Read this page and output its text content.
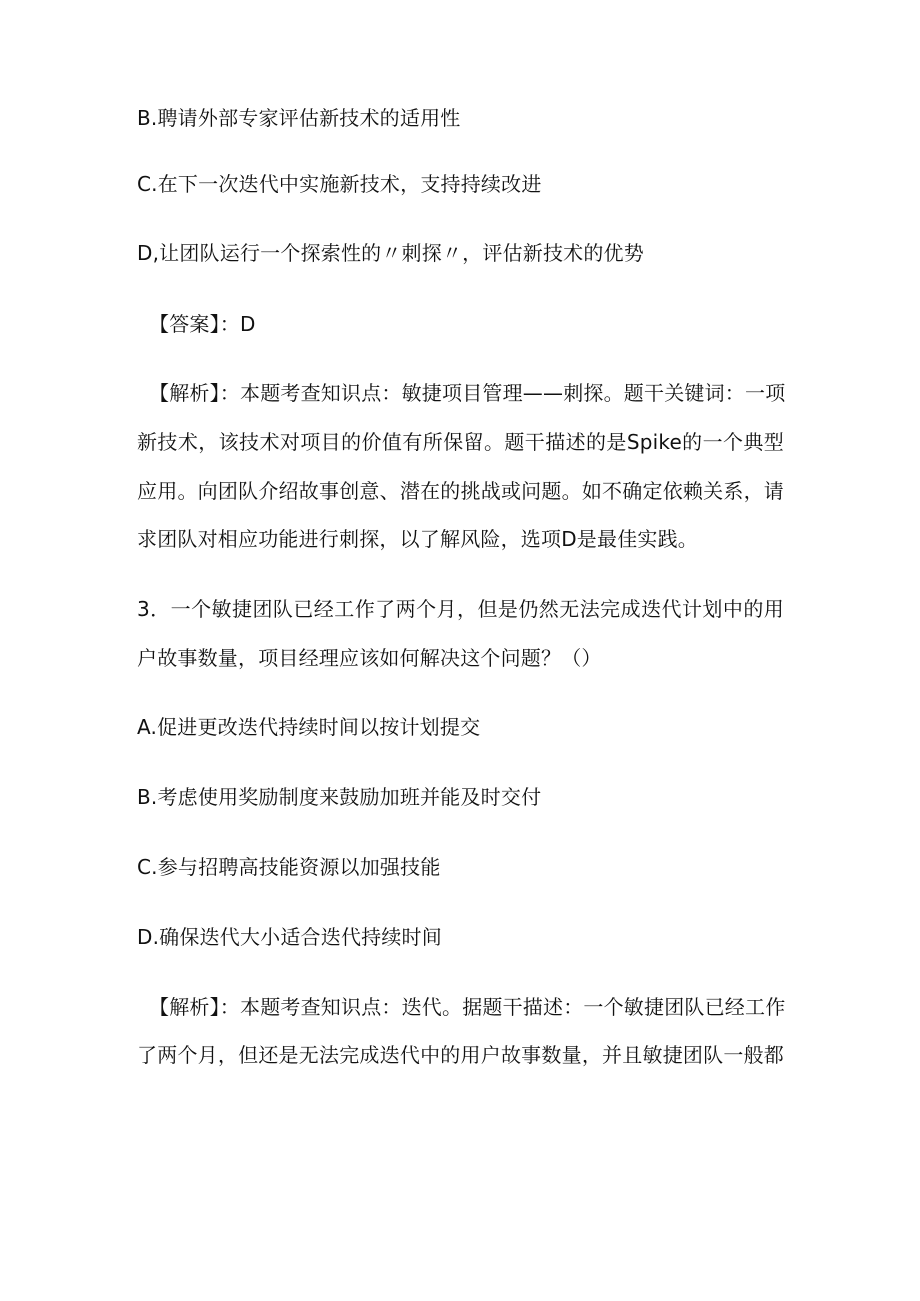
B.聘请外部专家评估新技术的适用性
C.在下一次迭代中实施新技术，支持持续改进
D,让团队运行一个探索性的〃刺探〃，评估新技术的优势
【答案】：D
【解析】：本题考查知识点：敏捷项目管理——刺探。题干关键词：一项
新技术，该技术对项目的价值有所保留。题干描述的是Spike的一个典型
应用。向团队介绍故事创意、潜在的挑战或问题。如不确定依赖关系，请
求团队对相应功能进行刺探，以了解风险，选项D是最佳实践。
3．一个敏捷团队已经工作了两个月，但是仍然无法完成迭代计划中的用
户故事数量，项目经理应该如何解决这个问题？（）
A.促进更改迭代持续时间以按计划提交
B.考虑使用奖励制度来鼓励加班并能及时交付
C.参与招聘高技能资源以加强技能
D.确保迭代大小适合迭代持续时间
【解析】：本题考查知识点：迭代。据题干描述：一个敏捷团队已经工作
了两个月，但还是无法完成迭代中的用户故事数量，并且敏捷团队一般都
